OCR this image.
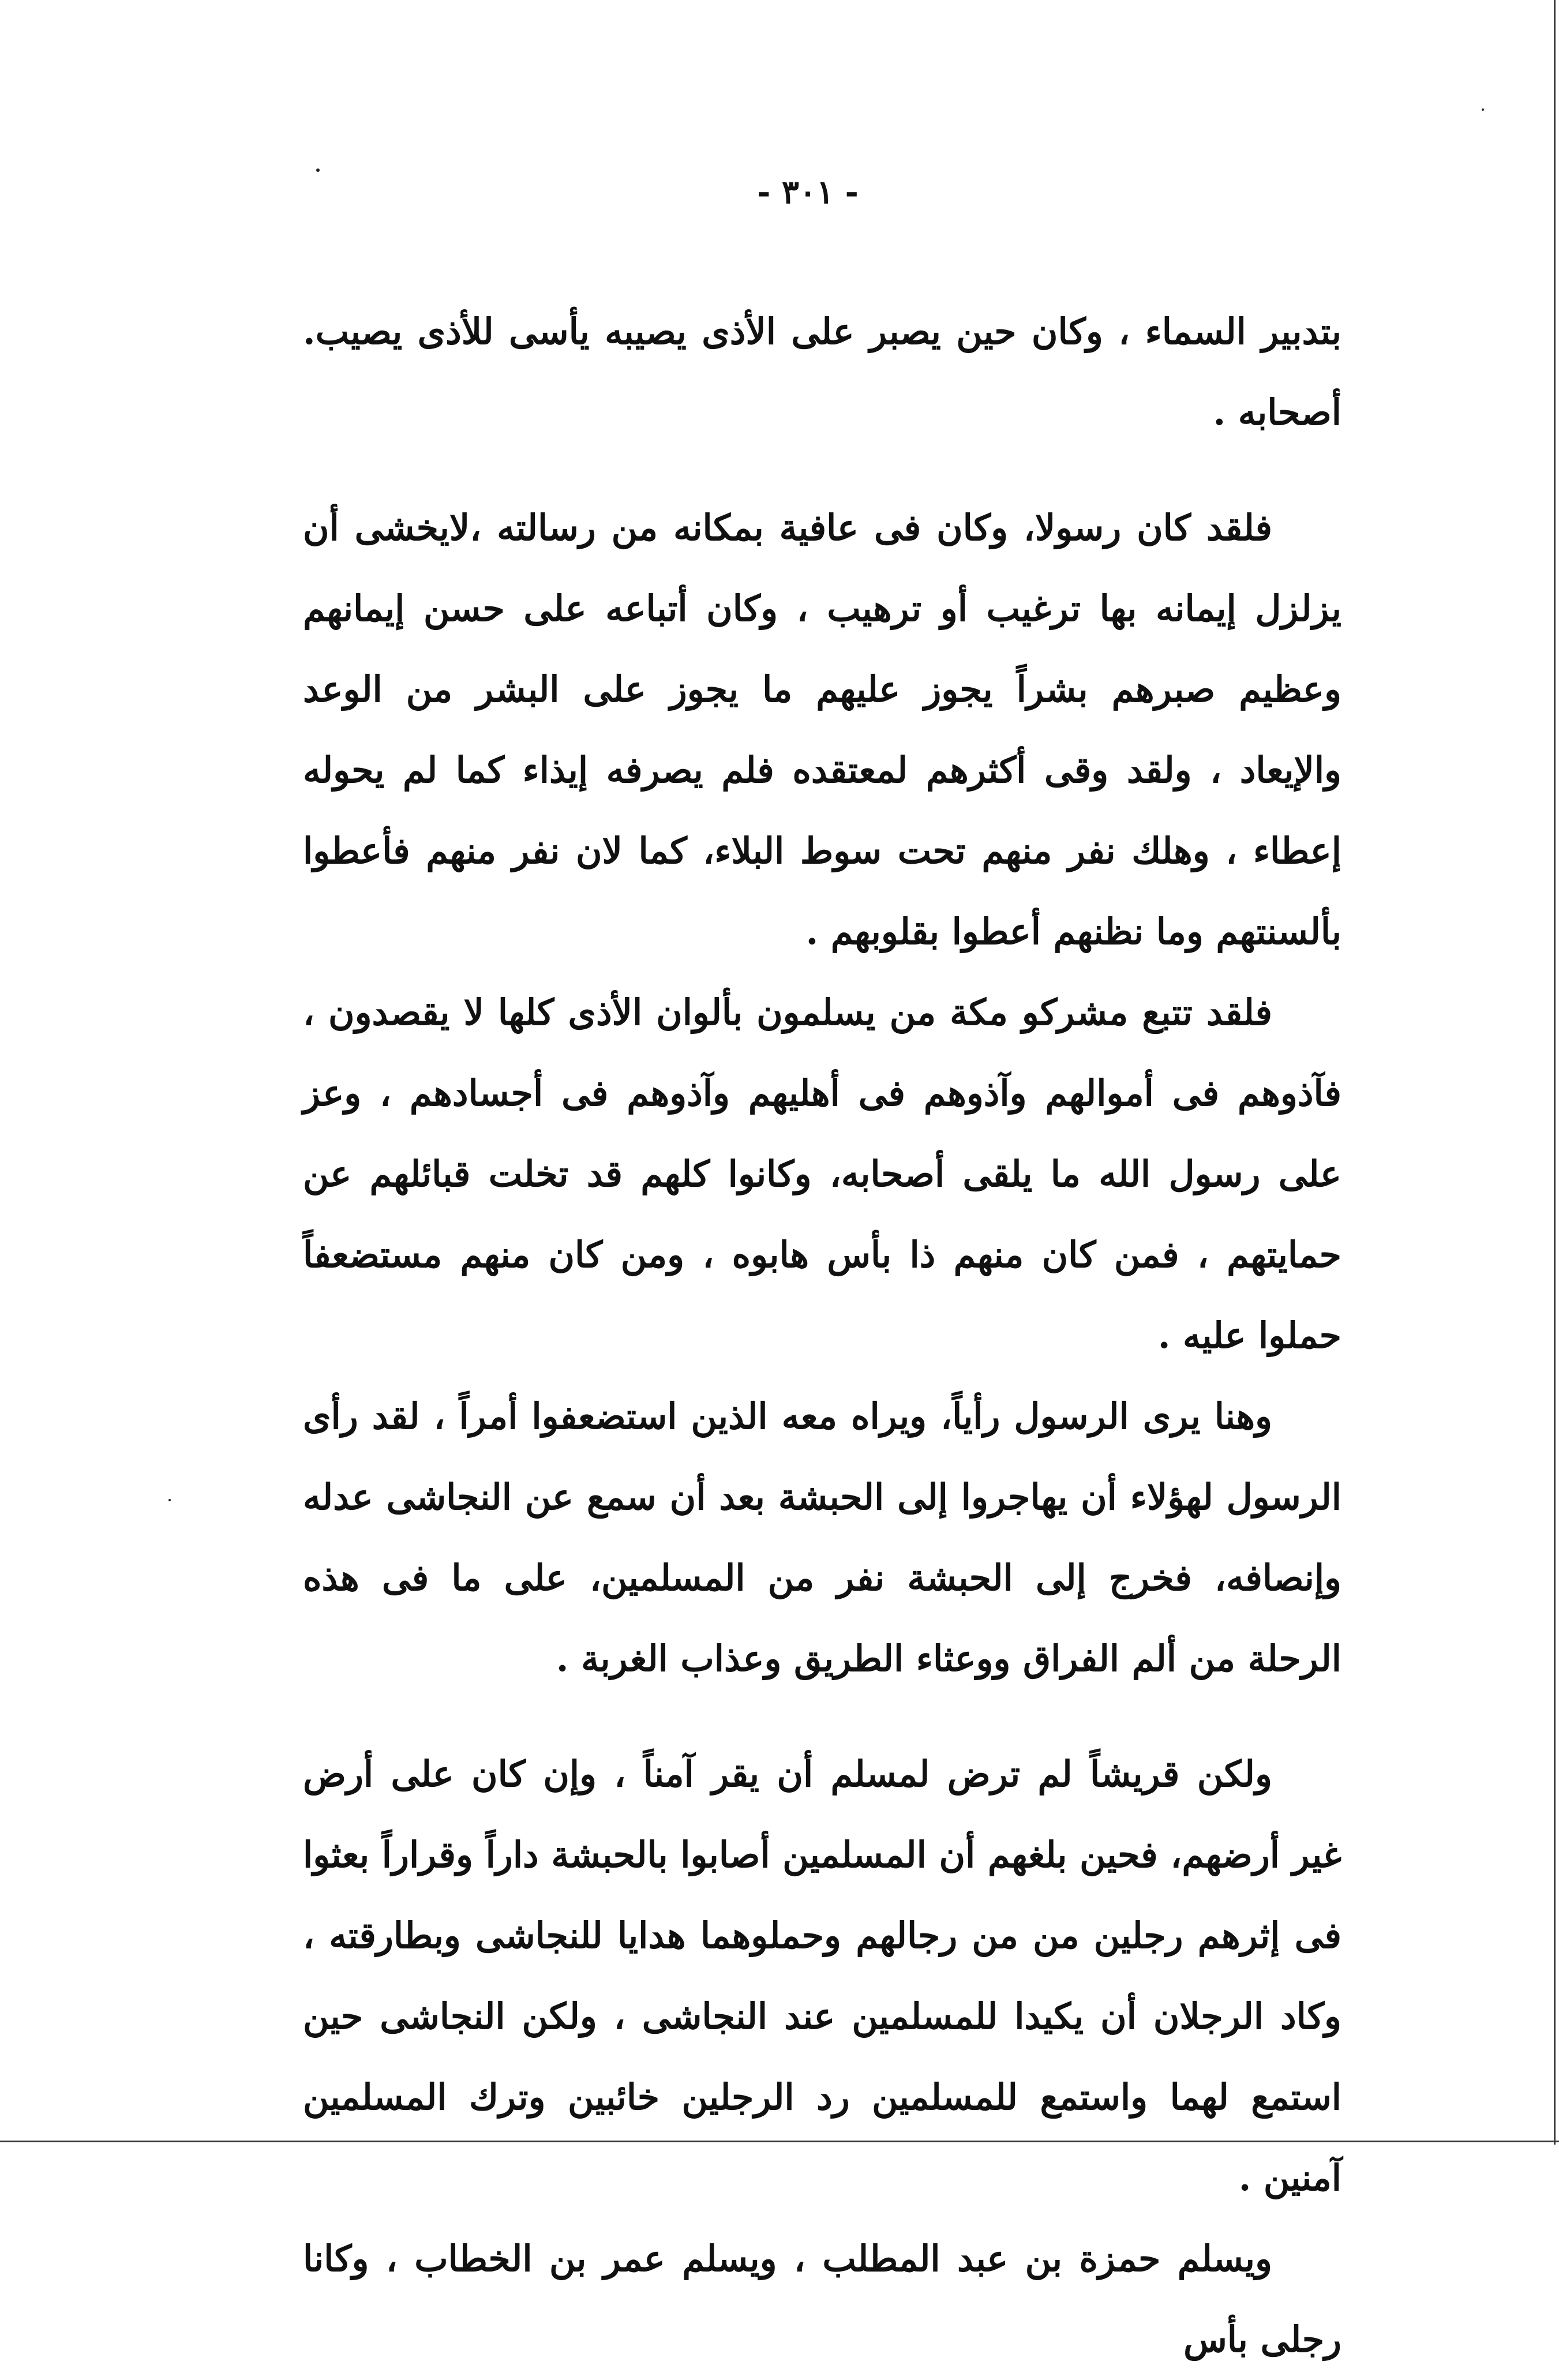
- ٣٠١ -

بتدبير السماء ، وكان حين يصبر على الأذى يصيبه يأسى للأذى يصيب. أصحابه .

فلقد كان رسولا، وكان فى عافية بمكانه من رسالته ،لايخشى أن يزلزل إيمانه بها ترغيب أو ترهيب ، وكان أتباعه على حسن إيمانهم وعظيم صبرهم بشراً يجوز عليهم ما يجوز على البشر من الوعد والإيعاد ، ولقد وقى أكثرهم لمعتقده فلم يصرفه إيذاء كما لم يحوله إعطاء ، وهلك نفر منهم تحت سوط البلاء، كما لان نفر منهم فأعطوا بألسنتهم وما نظنهم أعطوا بقلوبهم .

فلقد تتبع مشركو مكة من يسلمون بألوان الأذى كلها لا يقصدون ، فآذوهم فى أموالهم وآذوهم فى أهليهم وآذوهم فى أجسادهم ، وعز على رسول الله ما يلقى أصحابه، وكانوا كلهم قد تخلت قبائلهم عن حمايتهم ، فمن كان منهم ذا بأس هابوه ، ومن كان منهم مستضعفاً حملوا عليه .

وهنا يرى الرسول رأياً، ويراه معه الذين استضعفوا أمراً ، لقد رأى الرسول لهؤلاء أن يهاجروا إلى الحبشة بعد أن سمع عن النجاشى عدله وإنصافه، فخرج إلى الحبشة نفر من المسلمين، على ما فى هذه الرحلة من ألم الفراق ووعثاء الطريق وعذاب الغربة .

ولكن قريشاً لم ترض لمسلم أن يقر آمناً ، وإن كان على أرض غير أرضهم، فحين بلغهم أن المسلمين أصابوا بالحبشة داراً وقراراً بعثوا فى إثرهم رجلين من من رجالهم وحملوهما هدايا للنجاشى وبطارقته ، وكاد الرجلان أن يكيدا للمسلمين عند النجاشى ، ولكن النجاشى حين استمع لهما واستمع للمسلمين رد الرجلين خائبين وترك المسلمين آمنين .

ويسلم حمزة بن عبد المطلب ، ويسلم عمر بن الخطاب ، وكانا رجلى بأس
